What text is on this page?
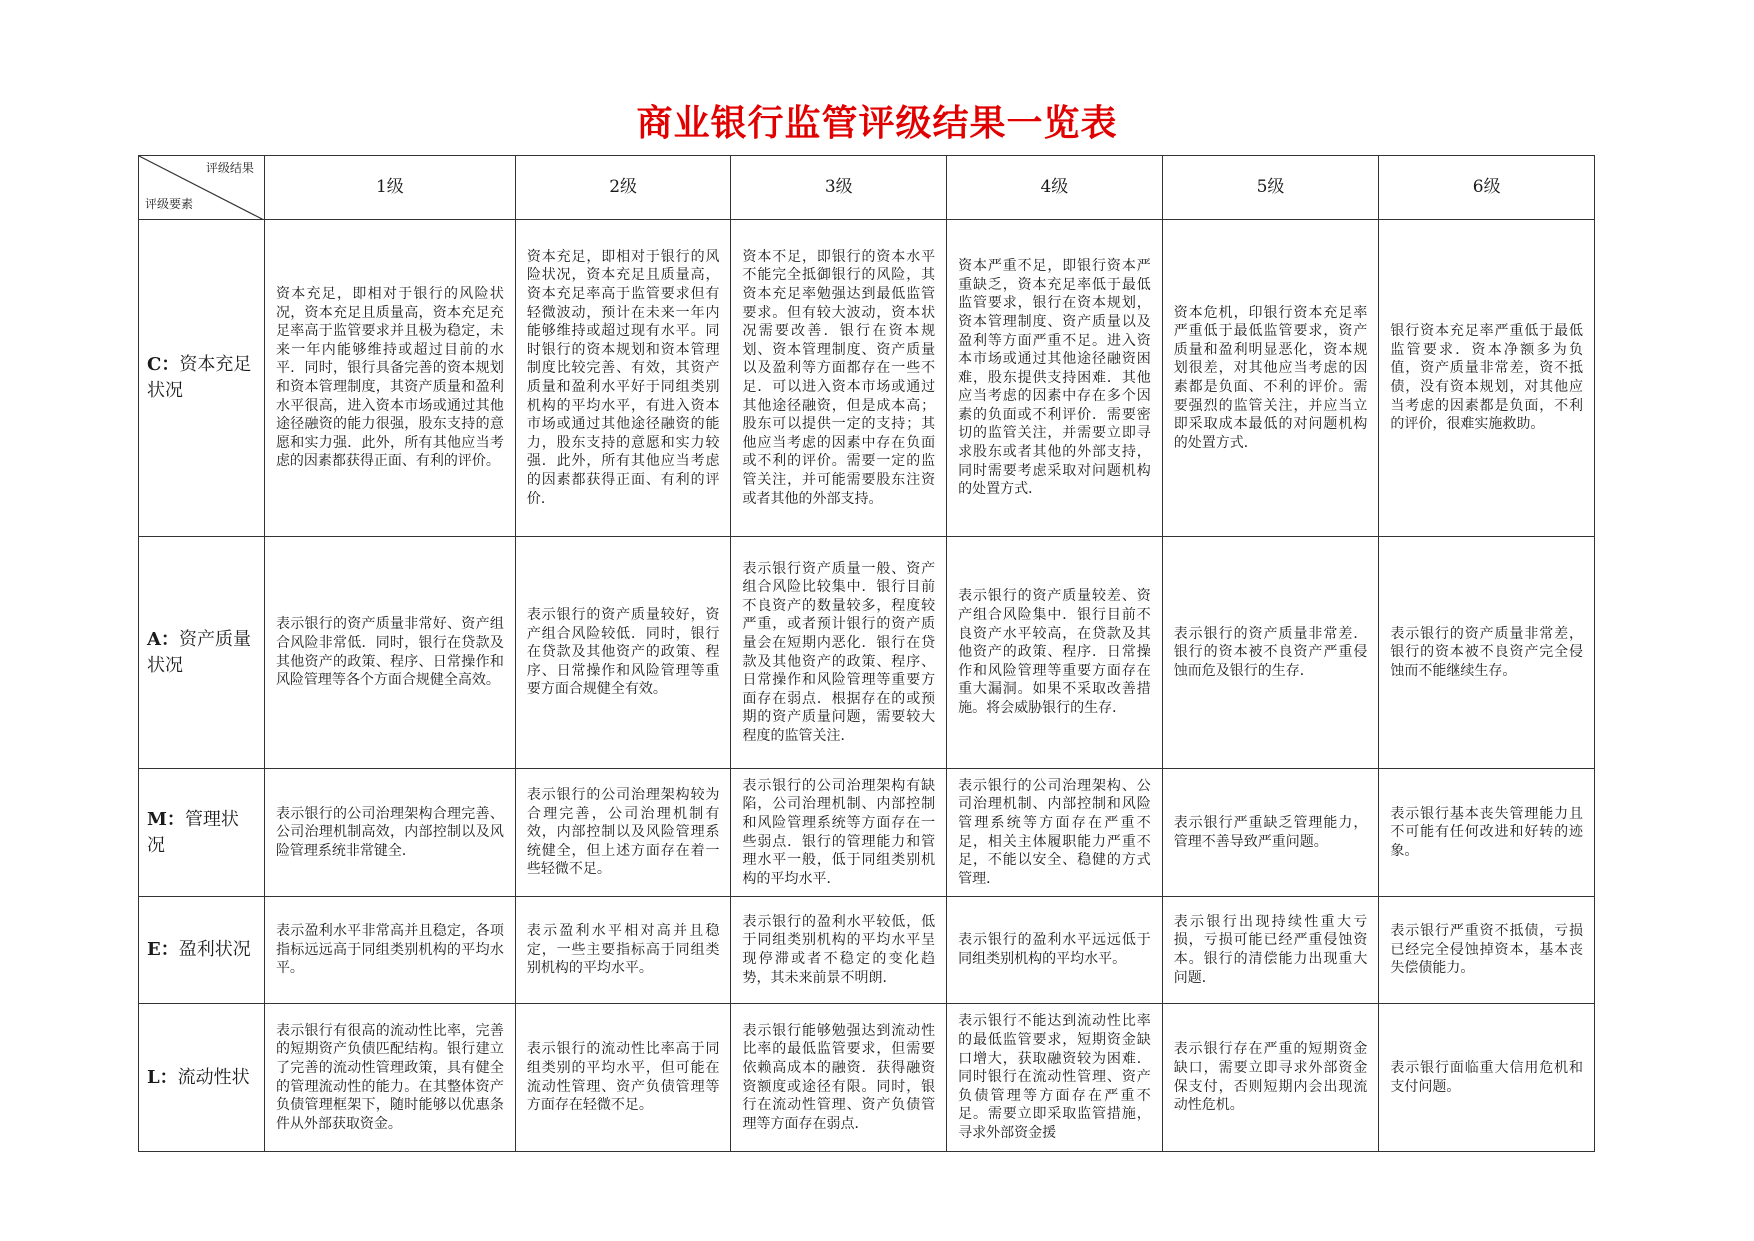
商业银行监管评级结果一览表
评级结果
评级要素	1级	2级	3级	4级	5级	6级
C：资本充足状况	资本充足，即相对于银行的风险状况，资本充足且质量高，资本充足充足率高于监管要求并且极为稳定，未来一年内能够维持或超过目前的水平．同时，银行具备完善的资本规划和资本管理制度，其资产质量和盈利水平很高，进入资本市场或通过其他途径融资的能力很强，股东支持的意愿和实力强．此外，所有其他应当考虑的因素都获得正面、有利的评价。	资本充足，即相对于银行的风险状况，资本充足且质量高，资本充足率高于监管要求但有轻微波动，预计在未来一年内能够维持或超过现有水平。同时银行的资本规划和资本管理制度比较完善、有效，其资产质量和盈利水平好于同组类别机构的平均水平，有进入资本市场或通过其他途径融资的能力，股东支持的意愿和实力较强．此外，所有其他应当考虑的因素都获得正面、有利的评价．	资本不足，即银行的资本水平不能完全抵御银行的风险，其资本充足率勉强达到最低监管要求。但有较大波动，资本状况需要改善．银行在资本规划、资本管理制度、资产质量以及盈利等方面都存在一些不足．可以进入资本市场或通过其他途径融资，但是成本高；股东可以提供一定的支持；其他应当考虑的因素中存在负面或不利的评价。需要一定的监管关注，并可能需要股东注资或者其他的外部支持。	资本严重不足，即银行资本严重缺乏，资本充足率低于最低监管要求，银行在资本规划，资本管理制度、资产质量以及盈利等方面严重不足。进入资本市场或通过其他途径融资困难，股东提供支持困难．其他应当考虑的因素中存在多个因素的负面或不利评价．需要密切的监管关注，并需要立即寻求股东或者其他的外部支持，同时需要考虑采取对问题机构的处置方式．	资本危机，印银行资本充足率严重低于最低监管要求，资产质量和盈利明显恶化，资本规划很差，对其他应当考虑的因素都是负面、不利的评价。需要强烈的监管关注，并应当立即采取成本最低的对问题机构的处置方式．	银行资本充足率严重低于最低监管要求．资本净额多为负值，资产质量非常差，资不抵债，没有资本规划，对其他应当考虑的因素都是负面，不利的评价，很难实施救助。
A：资产质量状况	表示银行的资产质量非常好、资产组合风险非常低．同时，银行在贷款及其他资产的政策、程序、日常操作和风险管理等各个方面合规健全高效。	表示银行的资产质量较好，资产组合风险较低．同时，银行在贷款及其他资产的政策、程序、日常操作和风险管理等重要方面合规健全有效。	表示银行资产质量一般、资产组合风险比较集中．银行目前不良资产的数量较多，程度较严重，或者预计银行的资产质量会在短期内恶化．银行在贷款及其他资产的政策、程序、日常操作和风险管理等重要方面存在弱点．根据存在的或预期的资产质量问题，需要较大程度的监管关注．	表示银行的资产质量较差、资产组合风险集中．银行目前不良资产水平较高，在贷款及其他资产的政策、程序．日常操作和风险管理等重要方面存在重大漏洞。如果不采取改善措施。将会威胁银行的生存．	表示银行的资产质量非常差．银行的资本被不良资产严重侵蚀而危及银行的生存．	表示银行的资产质量非常差，银行的资本被不良资产完全侵蚀而不能继续生存。
M：管理状况	表示银行的公司治理架构合理完善、公司治理机制高效，内部控制以及风险管理系统非常键全．	表示银行的公司治理架构较为合理完善，公司治理机制有效，内部控制以及风险管理系统健全，但上述方面存在着一些轻微不足。	表示银行的公司治理架构有缺陷，公司治理机制、内部控制和风险管理系统等方面存在一些弱点．银行的管理能力和管理水平一般，低于同组类别机构的平均水平．	表示银行的公司治理架构、公司治理机制、内部控制和风险管理系统等方面存在严重不足，相关主体履职能力严重不足，不能以安全、稳健的方式管理．	表示银行严重缺乏管理能力，管理不善导致严重问题。	表示银行基本丧失管理能力且不可能有任何改进和好转的迹象。
E：盈利状况	表示盈利水平非常高并且稳定，各项指标远远高于同组类别机构的平均水平。	表示盈利水平相对高并且稳定，一些主要指标高于同组类别机构的平均水平。	表示银行的盈利水平较低，低于同组类别机构的平均水平呈现停滞或者不稳定的变化趋势，其未来前景不明朗．	表示银行的盈利水平远远低于同组类别机构的平均水平。	表示银行出现持续性重大亏损，亏损可能已经严重侵蚀资本。银行的清偿能力出现重大问题．	表示银行严重资不抵债，亏损已经完全侵蚀掉资本，基本丧失偿债能力。
L：流动性状	表示银行有很高的流动性比率，完善的短期资产负债匹配结构。银行建立了完善的流动性管理政策，具有健全的管理流动性的能力。在其整体资产负债管理框架下，随时能够以优惠条件从外部获取资金。	表示银行的流动性比率高于同组类别的平均水平，但可能在流动性管理、资产负债管理等方面存在轻微不足。	表示银行能够勉强达到流动性比率的最低监管要求，但需要依赖高成本的融资．获得融资资额度或途径有限。同时，银行在流动性管理、资产负债管理等方面存在弱点．	表示银行不能达到流动性比率的最低监管要求，短期资金缺口增大，获取融资较为困难．同时银行在流动性管理、资产负债管理等方面存在严重不足。需要立即采取监管措施，寻求外部资金援	表示银行存在严重的短期资金缺口，需要立即寻求外部资金保支付，否则短期内会出现流动性危机。	表示银行面临重大信用危机和支付问题。
